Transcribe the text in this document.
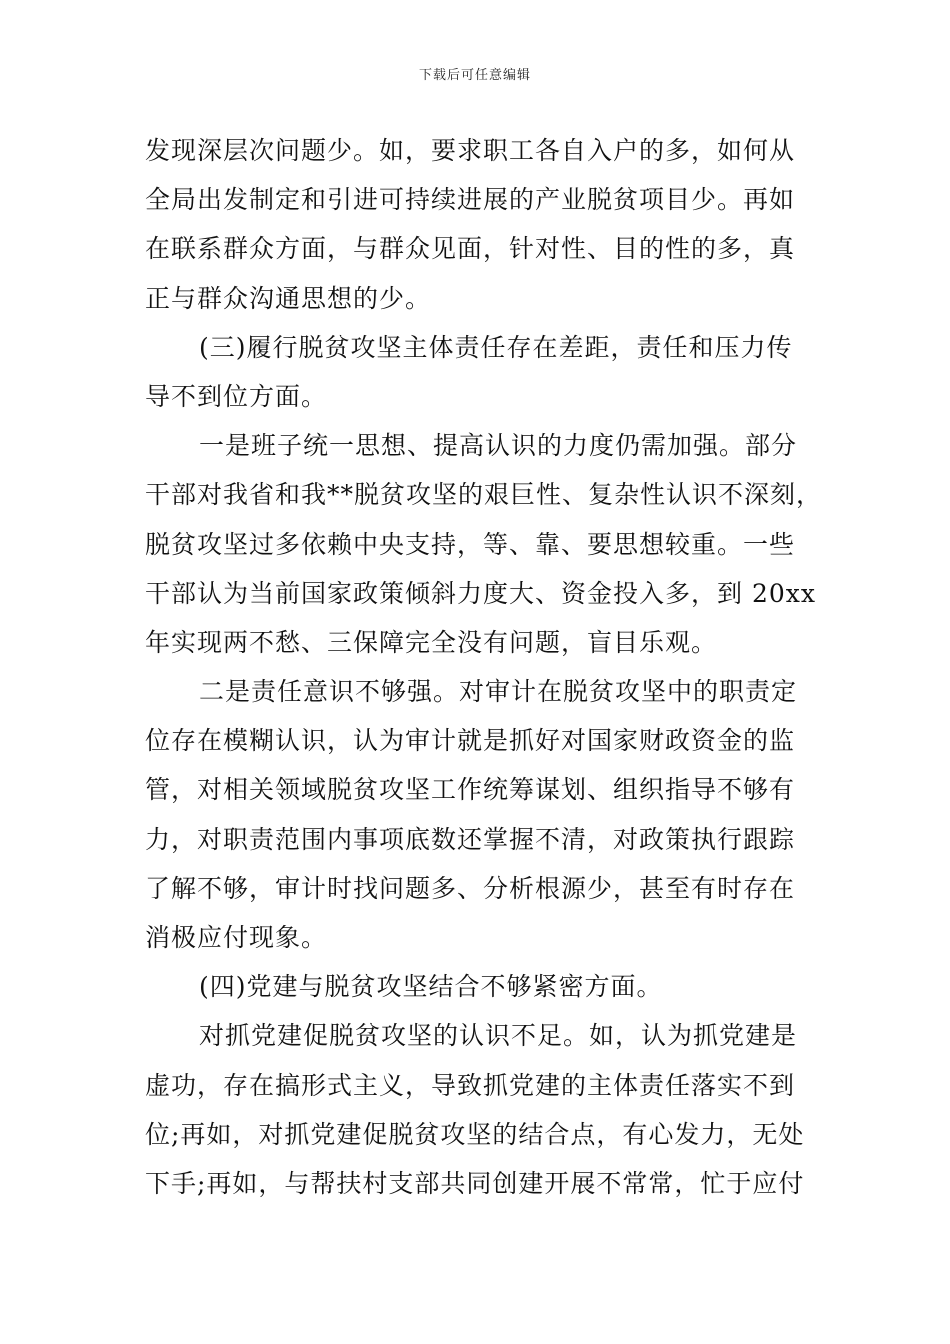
下载后可任意编辑
发现深层次问题少。如，要求职工各自入户的多，如何从
全局出发制定和引进可持续进展的产业脱贫项目少。再如
在联系群众方面，与群众见面，针对性、目的性的多，真
正与群众沟通思想的少。
(三)履行脱贫攻坚主体责任存在差距，责任和压力传
导不到位方面。
一是班子统一思想、提高认识的力度仍需加强。部分
干部对我省和我**脱贫攻坚的艰巨性、复杂性认识不深刻，
脱贫攻坚过多依赖中央支持，等、靠、要思想较重。一些
干部认为当前国家政策倾斜力度大、资金投入多，到 20xx
年实现两不愁、三保障完全没有问题，盲目乐观。
二是责任意识不够强。对审计在脱贫攻坚中的职责定
位存在模糊认识，认为审计就是抓好对国家财政资金的监
管，对相关领域脱贫攻坚工作统筹谋划、组织指导不够有
力，对职责范围内事项底数还掌握不清，对政策执行跟踪
了解不够，审计时找问题多、分析根源少，甚至有时存在
消极应付现象。
(四)党建与脱贫攻坚结合不够紧密方面。
对抓党建促脱贫攻坚的认识不足。如，认为抓党建是
虚功，存在搞形式主义，导致抓党建的主体责任落实不到
位;再如，对抓党建促脱贫攻坚的结合点，有心发力，无处
下手;再如，与帮扶村支部共同创建开展不常常，忙于应付
